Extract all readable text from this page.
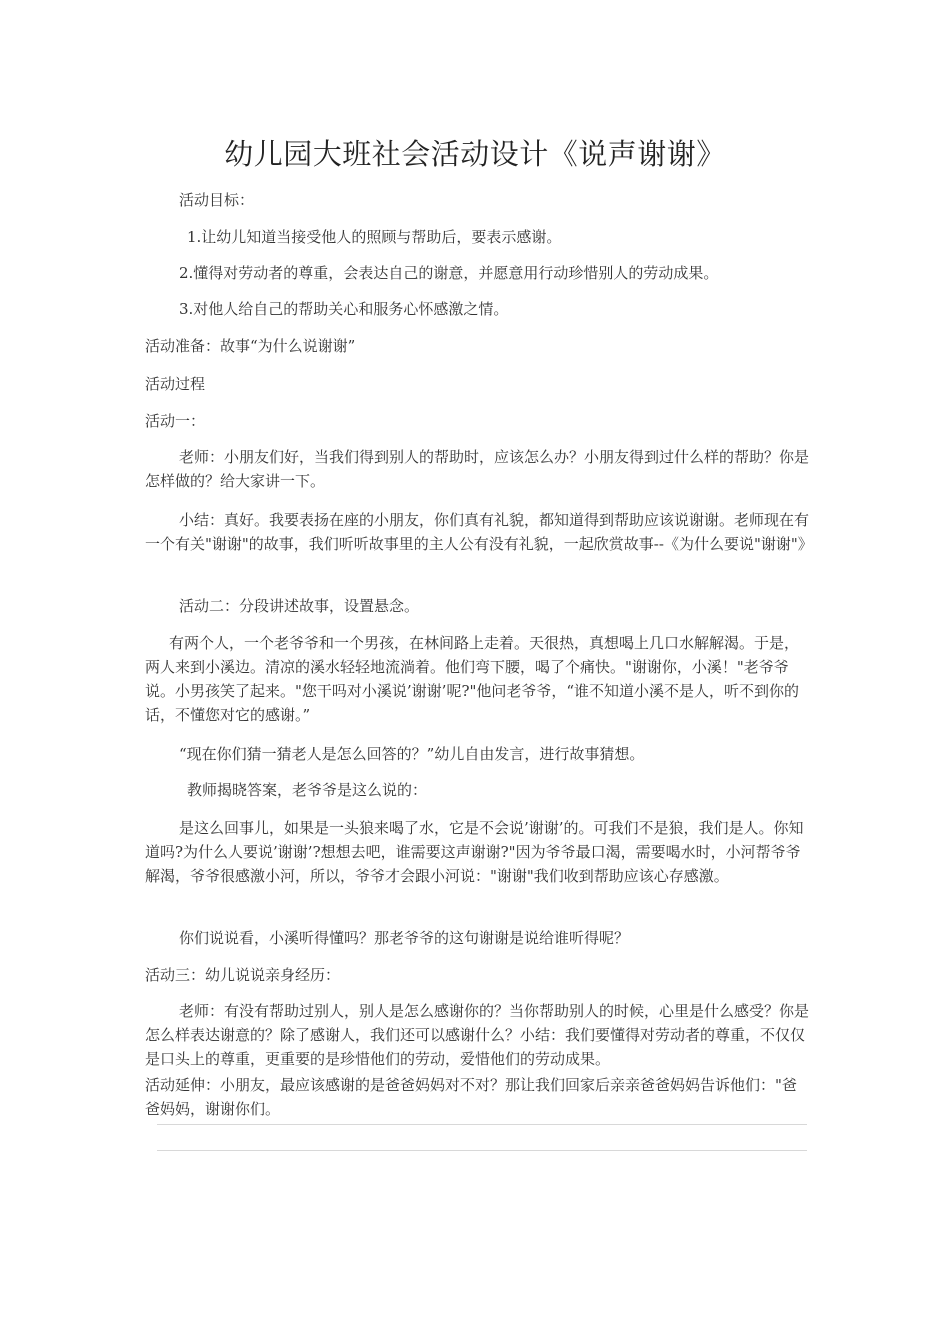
幼儿园大班社会活动设计《说声谢谢》

活动目标：

1.让幼儿知道当接受他人的照顾与帮助后，要表示感谢。

2.懂得对劳动者的尊重，会表达自己的谢意，并愿意用行动珍惜别人的劳动成果。

3.对他人给自己的帮助关心和服务心怀感激之情。

活动准备：故事“为什么说谢谢”

活动过程

活动一：

老师：小朋友们好，当我们得到别人的帮助时，应该怎么办？小朋友得到过什么样的帮助？你是怎样做的？给大家讲一下。

小结：真好。我要表扬在座的小朋友，你们真有礼貌，都知道得到帮助应该说谢谢。老师现在有一个有关"谢谢"的故事，我们听听故事里的主人公有没有礼貌，一起欣赏故事--《为什么要说"谢谢"》

活动二：分段讲述故事，设置悬念。

有两个人，一个老爷爷和一个男孩，在林间路上走着。天很热，真想喝上几口水解解渴。于是，两人来到小溪边。清凉的溪水轻轻地流淌着。他们弯下腰，喝了个痛快。"谢谢你，小溪！"老爷爷说。小男孩笑了起来。"您干吗对小溪说’谢谢’呢?"他问老爷爷，“谁不知道小溪不是人，听不到你的话，不懂您对它的感谢。”

“现在你们猜一猜老人是怎么回答的？”幼儿自由发言，进行故事猜想。

教师揭晓答案，老爷爷是这么说的：

是这么回事儿，如果是一头狼来喝了水，它是不会说’谢谢’的。可我们不是狼，我们是人。你知道吗?为什么人要说’谢谢’?想想去吧，谁需要这声谢谢?"因为爷爷最口渴，需要喝水时，小河帮爷爷解渴，爷爷很感激小河，所以，爷爷才会跟小河说："谢谢"我们收到帮助应该心存感激。

你们说说看，小溪听得懂吗？那老爷爷的这句谢谢是说给谁听得呢？

活动三：幼儿说说亲身经历：

老师：有没有帮助过别人，别人是怎么感谢你的？当你帮助别人的时候，心里是什么感受？你是怎么样表达谢意的？除了感谢人，我们还可以感谢什么？小结：我们要懂得对劳动者的尊重，不仅仅是口头上的尊重，更重要的是珍惜他们的劳动，爱惜他们的劳动成果。

活动延伸：小朋友，最应该感谢的是爸爸妈妈对不对？那让我们回家后亲亲爸爸妈妈告诉他们："爸爸妈妈，谢谢你们。
